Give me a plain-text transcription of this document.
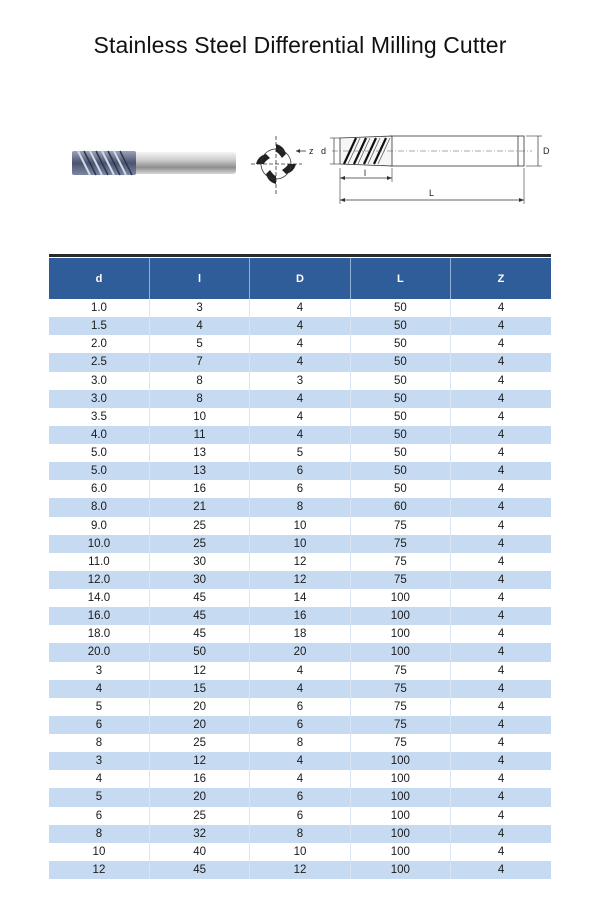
Stainless Steel Differential Milling Cutter
z d	D
l
L
d	l	D	L	Z
1.0	3	4	50	4
1.5	4	4	50	4
2.0	5	4	50	4
2.5	7	4	50	4
3.0	8	3	50	4
3.0	8	4	50	4
3.5	10	4	50	4
4.0	11	4	50	4
5.0	13	5	50	4
5.0	13	6	50	4
6.0	16	6	50	4
8.0	21	8	60	4
9.0	25	10	75	4
10.0	25	10	75	4
11.0	30	12	75	4
12.0	30	12	75	4
14.0	45	14	100	4
16.0	45	16	100	4
18.0	45	18	100	4
20.0	50	20	100	4
3	12	4	75	4
4	15	4	75	4
5	20	6	75	4
6	20	6	75	4
8	25	8	75	4
3	12	4	100	4
4	16	4	100	4
5	20	6	100	4
6	25	6	100	4
8	32	8	100	4
10	40	10	100	4
12	45	12	100	4
